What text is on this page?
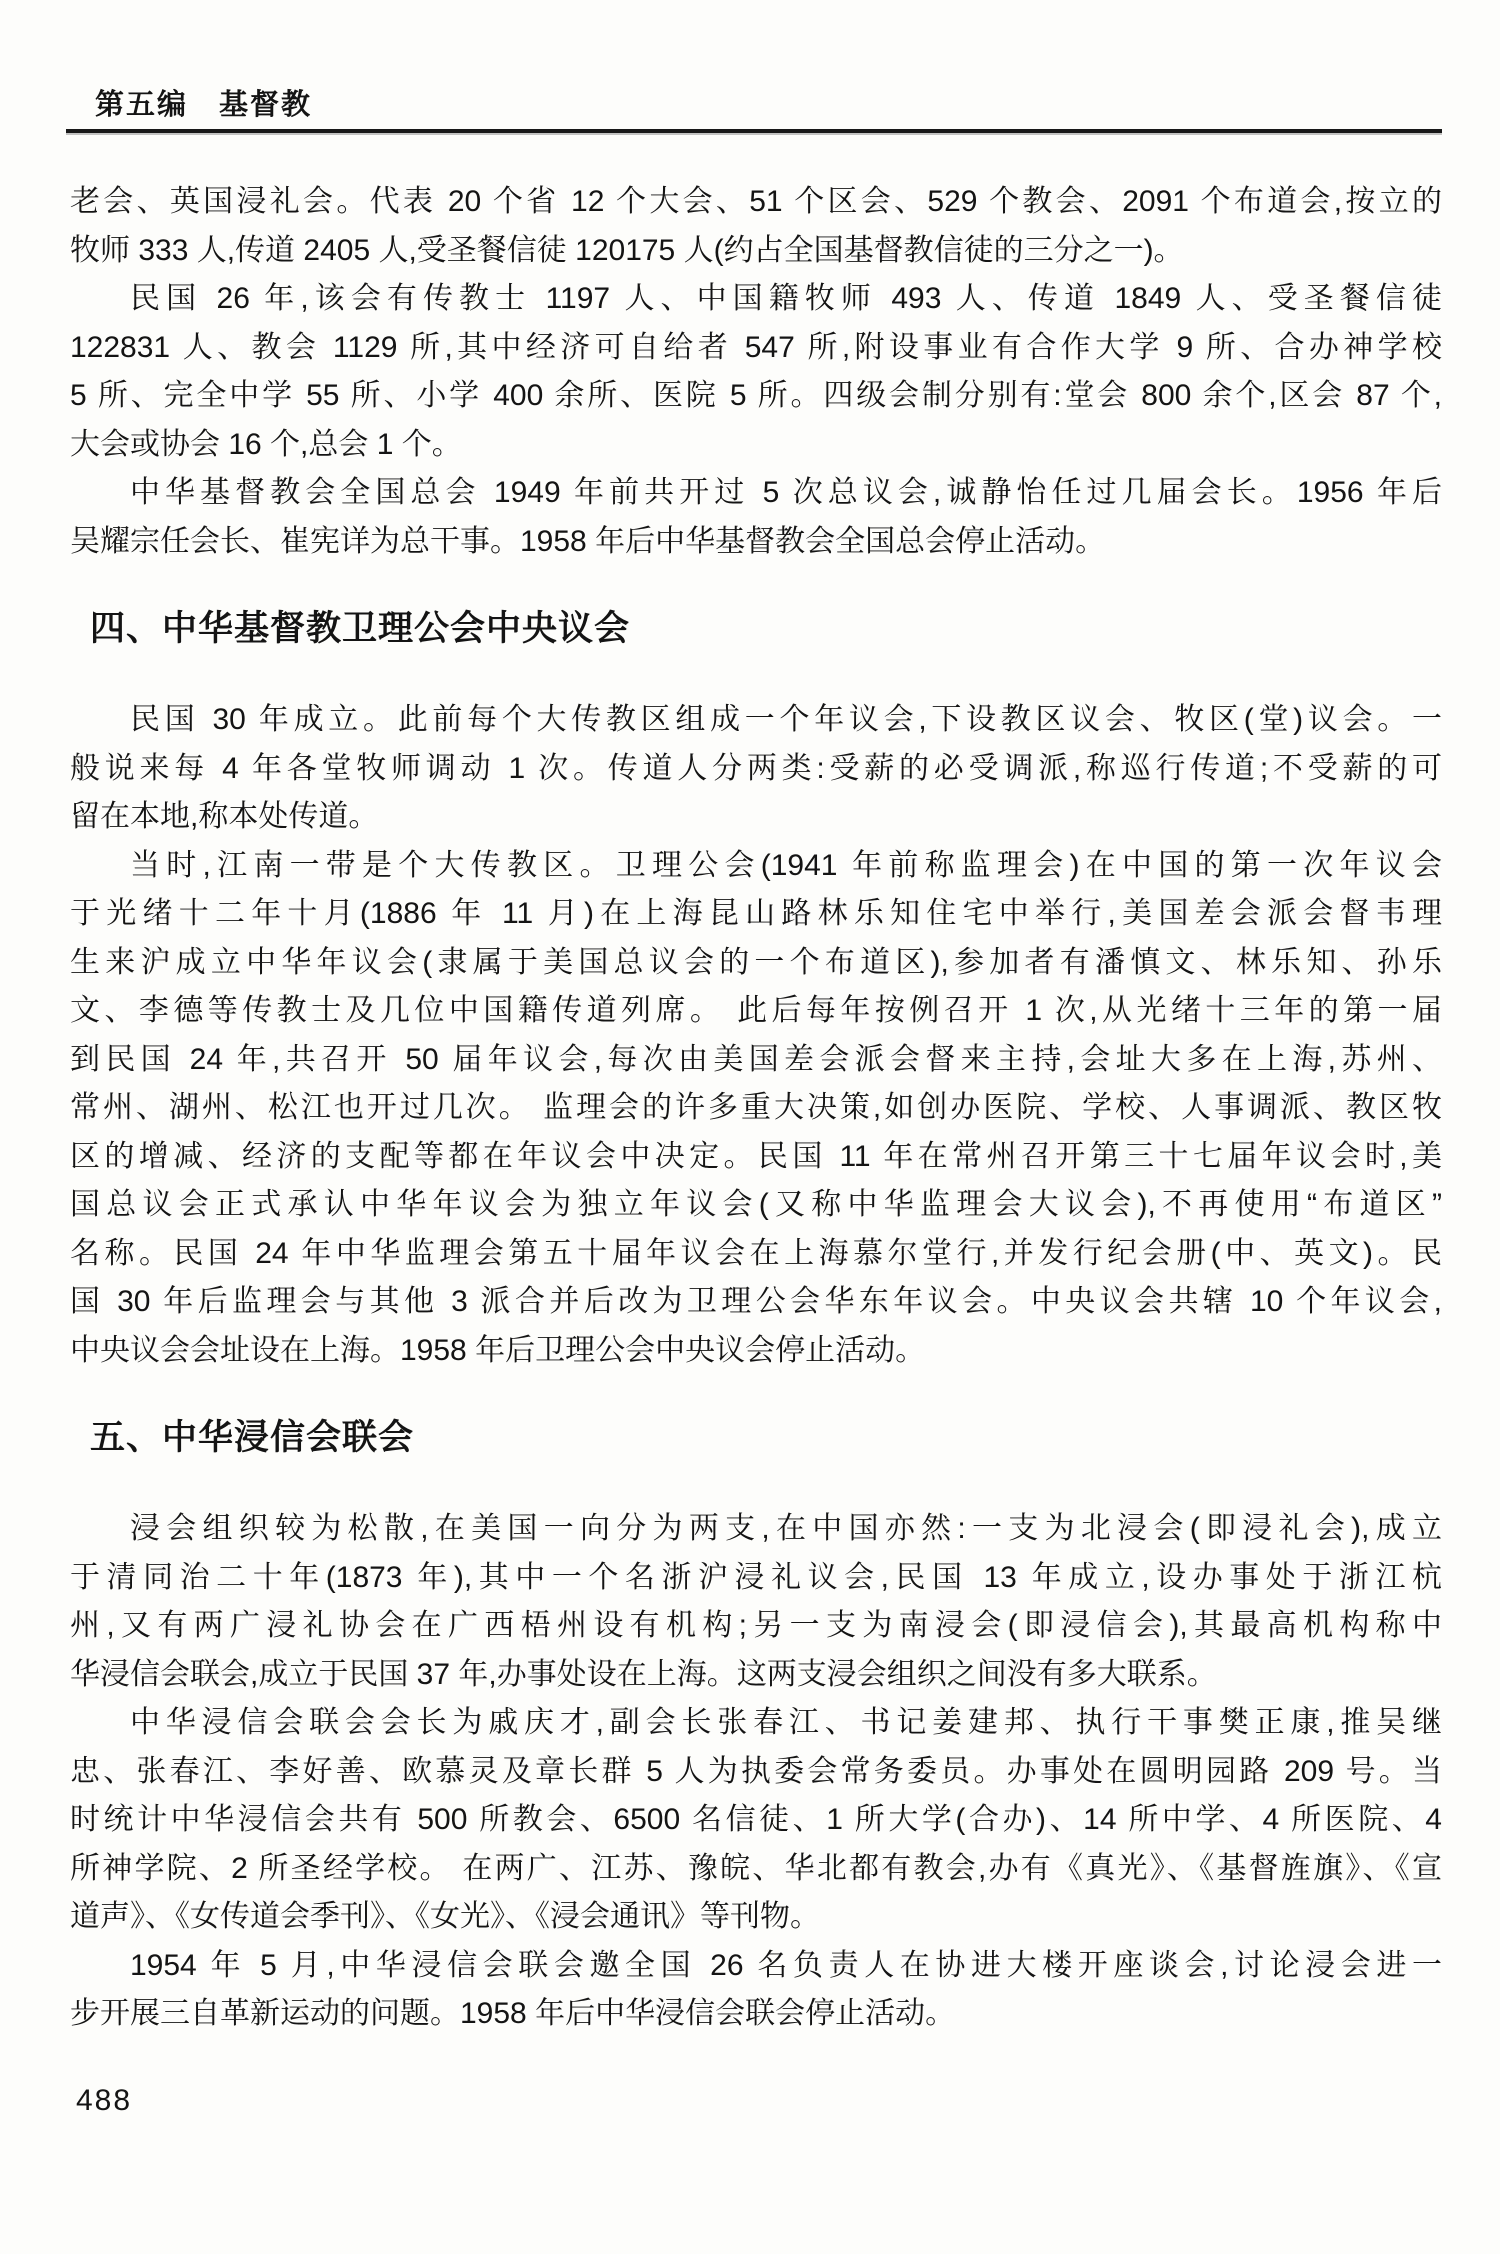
第五编　基督教
老会、英国浸礼会。代表 20 个省 12 个大会、51 个区会、529 个教会、2091 个布道会,按立的
牧师 333 人,传道 2405 人,受圣餐信徒 120175 人(约占全国基督教信徒的三分之一)。
民国 26 年,该会有传教士 1197 人、中国籍牧师 493 人、传道 1849 人、受圣餐信徒
122831 人、教会 1129 所,其中经济可自给者 547 所,附设事业有合作大学 9 所、合办神学校
5 所、完全中学 55 所、小学 400 余所、医院 5 所。四级会制分别有:堂会 800 余个,区会 87 个,
大会或协会 16 个,总会 1 个。
中华基督教会全国总会 1949 年前共开过 5 次总议会,诚静怡任过几届会长。1956 年后
吴耀宗任会长、崔宪详为总干事。1958 年后中华基督教会全国总会停止活动。
四、中华基督教卫理公会中央议会
民国 30 年成立。此前每个大传教区组成一个年议会,下设教区议会、牧区(堂)议会。一
般说来每 4 年各堂牧师调动 1 次。传道人分两类:受薪的必受调派,称巡行传道;不受薪的可
留在本地,称本处传道。
当时,江南一带是个大传教区。卫理公会(1941 年前称监理会)在中国的第一次年议会
于光绪十二年十月(1886 年 11 月)在上海昆山路林乐知住宅中举行,美国差会派会督韦理
生来沪成立中华年议会(隶属于美国总议会的一个布道区),参加者有潘慎文、林乐知、孙乐
文、李德等传教士及几位中国籍传道列席。 此后每年按例召开 1 次,从光绪十三年的第一届
到民国 24 年,共召开 50 届年议会,每次由美国差会派会督来主持,会址大多在上海,苏州、
常州、湖州、松江也开过几次。 监理会的许多重大决策,如创办医院、学校、人事调派、教区牧
区的增减、经济的支配等都在年议会中决定。民国 11 年在常州召开第三十七届年议会时,美
国总议会正式承认中华年议会为独立年议会(又称中华监理会大议会),不再使用“布道区”
名称。民国 24 年中华监理会第五十届年议会在上海慕尔堂行,并发行纪会册(中、英文)。民
国 30 年后监理会与其他 3 派合并后改为卫理公会华东年议会。中央议会共辖 10 个年议会,
中央议会会址设在上海。1958 年后卫理公会中央议会停止活动。
五、中华浸信会联会
浸会组织较为松散,在美国一向分为两支,在中国亦然:一支为北浸会(即浸礼会),成立
于清同治二十年(1873 年),其中一个名浙沪浸礼议会,民国 13 年成立,设办事处于浙江杭
州,又有两广浸礼协会在广西梧州设有机构;另一支为南浸会(即浸信会),其最高机构称中
华浸信会联会,成立于民国 37 年,办事处设在上海。这两支浸会组织之间没有多大联系。
中华浸信会联会会长为戚庆才,副会长张春江、书记姜建邦、执行干事樊正康,推吴继
忠、张春江、李好善、欧慕灵及章长群 5 人为执委会常务委员。办事处在圆明园路 209 号。当
时统计中华浸信会共有 500 所教会、6500 名信徒、1 所大学(合办)、14 所中学、4 所医院、4
所神学院、2 所圣经学校。 在两广、江苏、豫皖、华北都有教会,办有《真光》、《基督旌旗》、《宣
道声》、《女传道会季刊》、《女光》、《浸会通讯》等刊物。
1954 年 5 月,中华浸信会联会邀全国 26 名负责人在协进大楼开座谈会,讨论浸会进一
步开展三自革新运动的问题。1958 年后中华浸信会联会停止活动。
488
